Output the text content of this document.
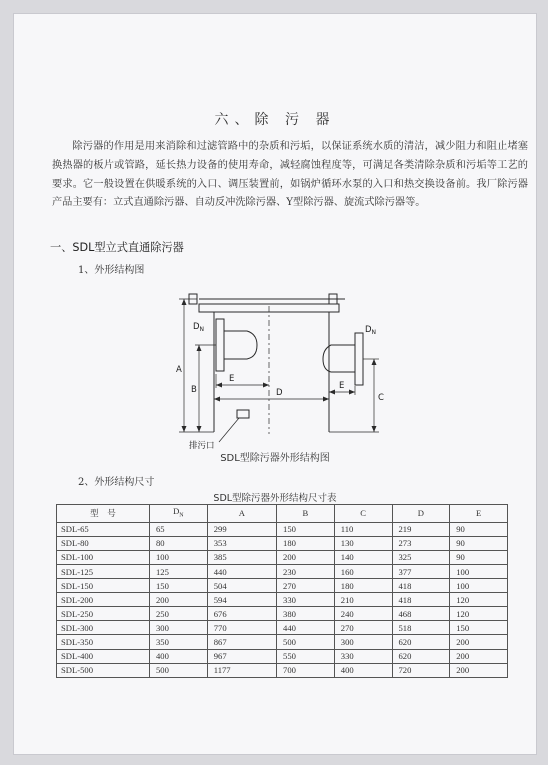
六、除 污 器

除污器的作用是用来消除和过滤管路中的杂质和污垢，以保证系统水质的清洁，减少阻力和阻止堵塞换热器的板片或管路，延长热力设备的使用寿命，减轻腐蚀程度等，可满足各类清除杂质和污垢等工艺的要求。它一般设置在供暖系统的入口、调压装置前，如锅炉循环水泵的入口和热交换设备前。我厂除污器产品主要有：立式直通除污器、自动反冲洗除污器、Y型除污器、旋流式除污器等。

一、SDL型立式直通除污器
1、外形结构图
A
B
C
D
E
E
$D_N$	$D_N$
排污口
SDL型除污器外形结构图
2、外形结构尺寸
SDL型除污器外形结构尺寸表
型　号	$D_N$	A	B	C	D	E
SDL-65	65	299	150	110	219	90
SDL-80	80	353	180	130	273	90
SDL-100	100	385	200	140	325	90
SDL-125	125	440	230	160	377	100
SDL-150	150	504	270	180	418	100
SDL-200	200	594	330	210	418	120
SDL-250	250	676	380	240	468	120
SDL-300	300	770	440	270	518	150
SDL-350	350	867	500	300	620	200
SDL-400	400	967	550	330	620	200
SDL-500	500	1177	700	400	720	200
